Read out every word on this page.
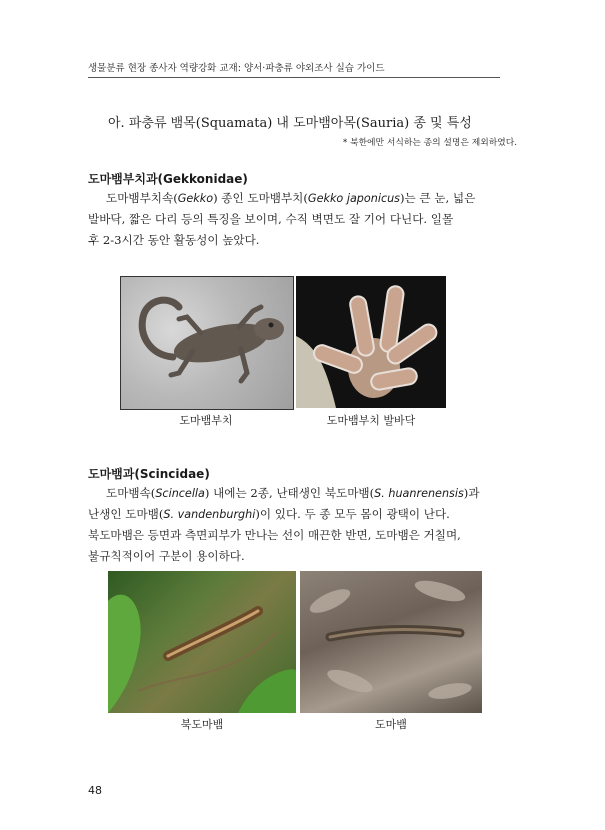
생물분류 현장 종사자 역량강화 교재: 양서·파충류 야외조사 실습 가이드
아. 파충류 뱀목(Squamata) 내 도마뱀아목(Sauria) 종 및 특성
* 북한에만 서식하는 종의 설명은 제외하였다.
도마뱀부치과(Gekkonidae)
도마뱀부치속(Gekko) 종인 도마뱀부치(Gekko japonicus)는 큰 눈, 넓은
발바닥, 짧은 다리 등의 특징을 보이며, 수직 벽면도 잘 기어 다닌다. 일몰
후 2-3시간 동안 활동성이 높았다.
도마뱀부치	도마뱀부치 발바닥
도마뱀과(Scincidae)
도마뱀속(Scincella) 내에는 2종, 난태생인 북도마뱀(S. huanrenensis)과
난생인 도마뱀(S. vandenburghi)이 있다. 두 종 모두 몸이 광택이 난다.
북도마뱀은 등면과 측면피부가 만나는 선이 매끈한 반면, 도마뱀은 거칠며,
불규칙적이어 구분이 용이하다.
북도마뱀	도마뱀
48
